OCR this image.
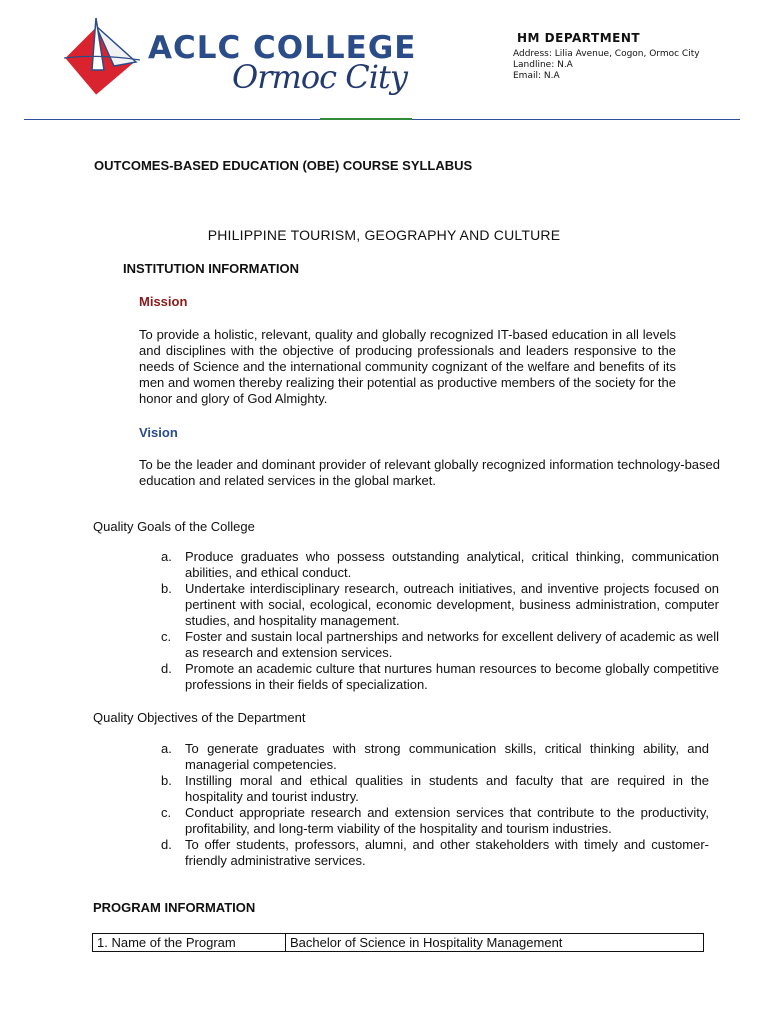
ACLC COLLEGE
Ormoc City
HM DEPARTMENT
Address: Lilia Avenue, Cogon, Ormoc City
Landline: N.A
Email: N.A
OUTCOMES-BASED EDUCATION (OBE) COURSE SYLLABUS
PHILIPPINE TOURISM, GEOGRAPHY AND CULTURE
INSTITUTION INFORMATION
Mission
To provide a holistic, relevant, quality and globally recognized IT-based education in all levels and disciplines with the objective of producing professionals and leaders responsive to the needs of Science and the international community cognizant of the welfare and benefits of its men and women thereby realizing their potential as productive members of the society for the honor and glory of God Almighty.
Vision
To be the leader and dominant provider of relevant globally recognized information technology-based education and related services in the global market.
Quality Goals of the College
a. Produce graduates who possess outstanding analytical, critical thinking, communication abilities, and ethical conduct.
b. Undertake interdisciplinary research, outreach initiatives, and inventive projects focused on pertinent with social, ecological, economic development, business administration, computer studies, and hospitality management.
c. Foster and sustain local partnerships and networks for excellent delivery of academic as well as research and extension services.
d. Promote an academic culture that nurtures human resources to become globally competitive professions in their fields of specialization.
Quality Objectives of the Department
a. To generate graduates with strong communication skills, critical thinking ability, and managerial competencies.
b. Instilling moral and ethical qualities in students and faculty that are required in the hospitality and tourist industry.
c. Conduct appropriate research and extension services that contribute to the productivity, profitability, and long-term viability of the hospitality and tourism industries.
d. To offer students, professors, alumni, and other stakeholders with timely and customer-friendly administrative services.
PROGRAM INFORMATION
1. Name of the Program	Bachelor of Science in Hospitality Management
